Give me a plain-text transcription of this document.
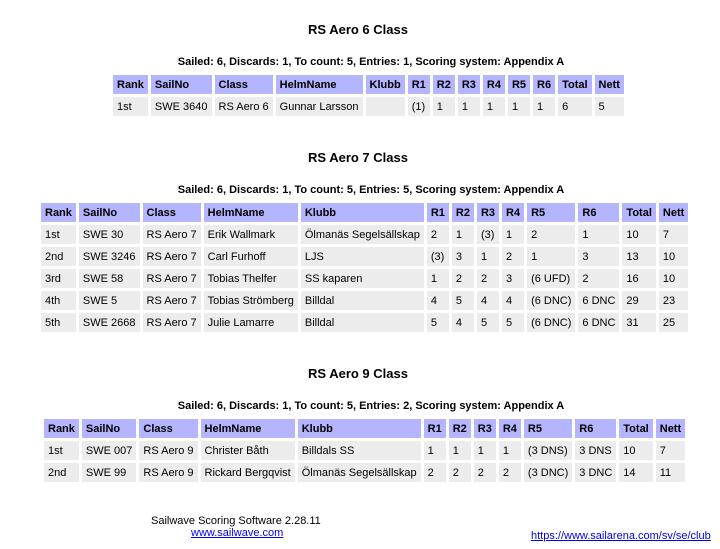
RS Aero 6 Class
Sailed: 6, Discards: 1, To count: 5, Entries: 1, Scoring system: Appendix A
Rank	SailNo	Class	HelmName	Klubb	R1	R2	R3	R4	R5	R6	Total	Nett
1st	SWE 3640	RS Aero 6	Gunnar Larsson		(1)	1	1	1	1	1	6	5
RS Aero 7 Class
Sailed: 6, Discards: 1, To count: 5, Entries: 5, Scoring system: Appendix A
Rank	SailNo	Class	HelmName	Klubb	R1	R2	R3	R4	R5	R6	Total	Nett
1st	SWE 30	RS Aero 7	Erik Wallmark	Ölmanäs Segelsällskap	2	1	(3)	1	2	1	10	7
2nd	SWE 3246	RS Aero 7	Carl Furhoff	LJS	(3)	3	1	2	1	3	13	10
3rd	SWE 58	RS Aero 7	Tobias Thelfer	SS kaparen	1	2	2	3	(6 UFD)	2	16	10
4th	SWE 5	RS Aero 7	Tobias Strömberg	Billdal	4	5	4	4	(6 DNC)	6 DNC	29	23
5th	SWE 2668	RS Aero 7	Julie Lamarre	Billdal	5	4	5	5	(6 DNC)	6 DNC	31	25
RS Aero 9 Class
Sailed: 6, Discards: 1, To count: 5, Entries: 2, Scoring system: Appendix A
Rank	SailNo	Class	HelmName	Klubb	R1	R2	R3	R4	R5	R6	Total	Nett
1st	SWE 007	RS Aero 9	Christer Båth	Billdals SS	1	1	1	1	(3 DNS)	3 DNS	10	7
2nd	SWE 99	RS Aero 9	Rickard Bergqvist	Ölmanäs Segelsällskap	2	2	2	2	(3 DNC)	3 DNC	14	11
Sailwave Scoring Software 2.28.11
www.sailwave.com	https://www.sailarena.com/sv/se/club
